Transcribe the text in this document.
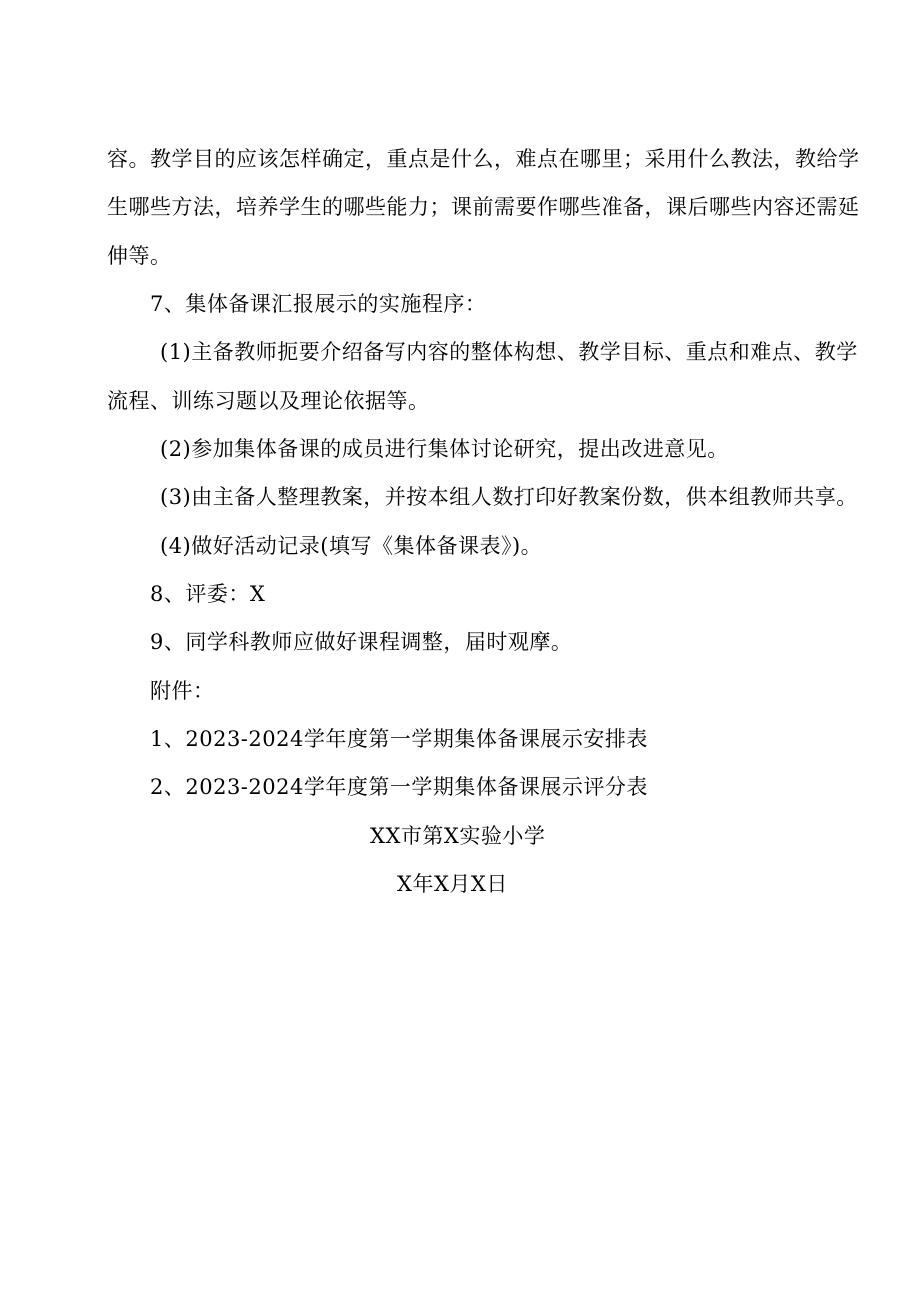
容。教学目的应该怎样确定，重点是什么，难点在哪里；采用什么教法，教给学
生哪些方法，培养学生的哪些能力；课前需要作哪些准备，课后哪些内容还需延
伸等。
7、集体备课汇报展示的实施程序：
(1)主备教师扼要介绍备写内容的整体构想、教学目标、重点和难点、教学
流程、训练习题以及理论依据等。
(2)参加集体备课的成员进行集体讨论研究，提出改进意见。
(3)由主备人整理教案，并按本组人数打印好教案份数，供本组教师共享。
(4)做好活动记录(填写《集体备课表》)。
8、评委：X
9、同学科教师应做好课程调整，届时观摩。
附件：
1、2023-2024学年度第一学期集体备课展示安排表
2、2023-2024学年度第一学期集体备课展示评分表
XX市第X实验小学
X年X月X日
